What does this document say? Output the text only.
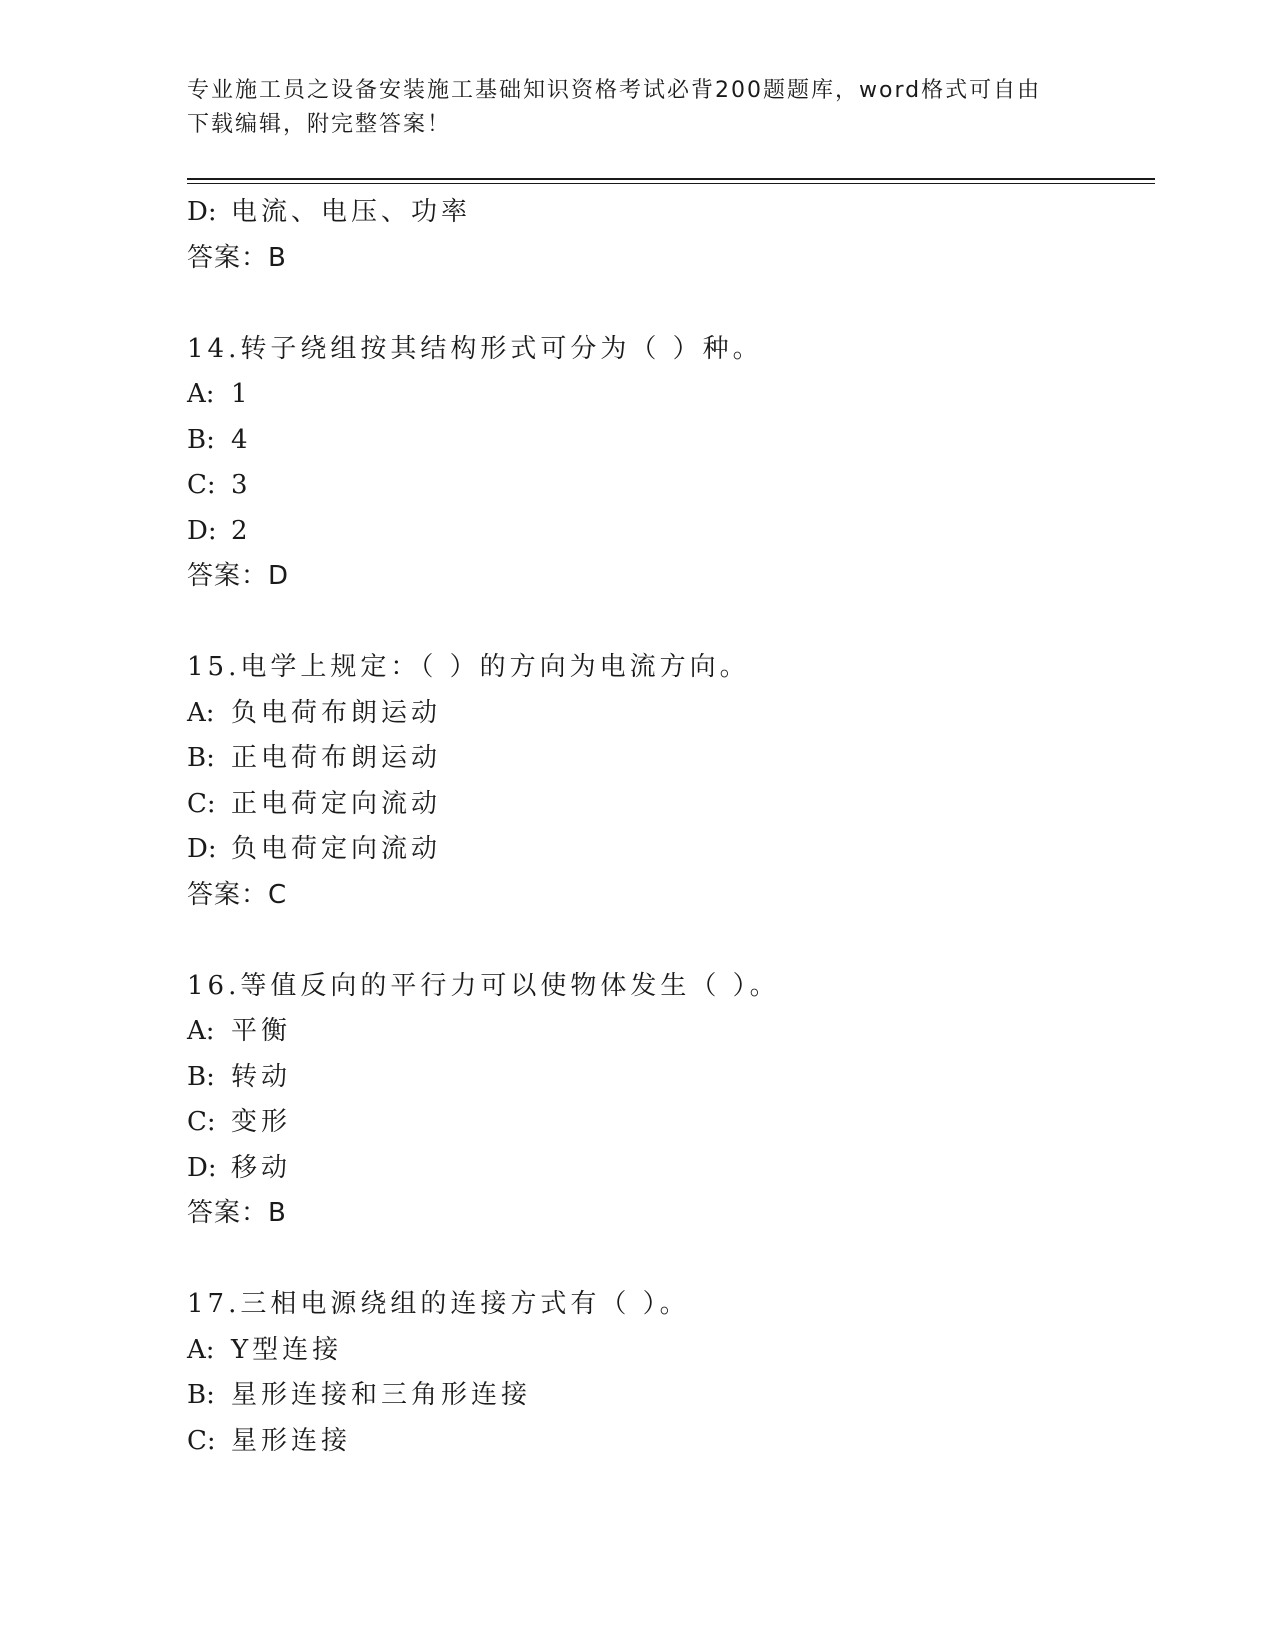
专业施工员之设备安装施工基础知识资格考试必背200题题库，word格式可自由
下载编辑，附完整答案！
D: 电流、电压、功率
答案：B
14.转子绕组按其结构形式可分为（ ）种。
A: 1
B: 4
C: 3
D: 2
答案：D
15.电学上规定：（ ）的方向为电流方向。
A: 负电荷布朗运动
B: 正电荷布朗运动
C: 正电荷定向流动
D: 负电荷定向流动
答案：C
16.等值反向的平行力可以使物体发生（ ）。
A: 平衡
B: 转动
C: 变形
D: 移动
答案：B
17.三相电源绕组的连接方式有（ ）。
A: Y型连接
B: 星形连接和三角形连接
C: 星形连接
